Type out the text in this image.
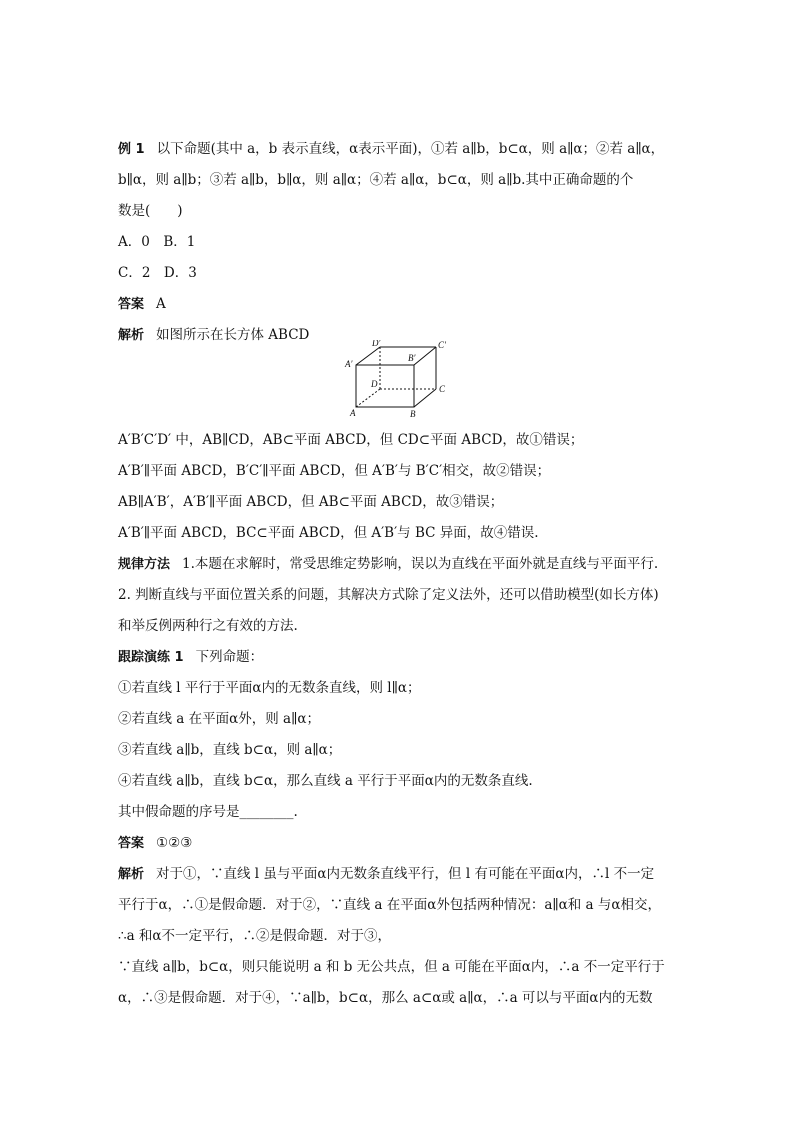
例 1 以下命题(其中 a，b 表示直线，α表示平面)，①若 a∥b，b⊂α，则 a∥α；②若 a∥α，
b∥α，则 a∥b；③若 a∥b，b∥α，则 a∥α；④若 a∥α，b⊂α，则 a∥b.其中正确命题的个
数是(　　)
A．0　B．1
C．2　D．3
答案 A
解析 如图所示在长方体 ABCD	D′
B′
C′
A′
D	C
A	B
A′B′C′D′ 中，AB∥CD，AB⊂平面 ABCD，但 CD⊂平面 ABCD，故①错误；
A′B′∥平面 ABCD，B′C′∥平面 ABCD，但 A′B′与 B′C′相交，故②错误；
AB∥A′B′，A′B′∥平面 ABCD，但 AB⊂平面 ABCD，故③错误；
A′B′∥平面 ABCD，BC⊂平面 ABCD，但 A′B′与 BC 异面，故④错误.
规律方法 1.本题在求解时，常受思维定势影响，误以为直线在平面外就是直线与平面平行.
2. 判断直线与平面位置关系的问题，其解决方式除了定义法外，还可以借助模型(如长方体)
和举反例两种行之有效的方法.
跟踪演练 1 下列命题：
①若直线 l 平行于平面α内的无数条直线，则 l∥α；
②若直线 a 在平面α外，则 a∥α；
③若直线 a∥b，直线 b⊂α，则 a∥α；
④若直线 a∥b，直线 b⊂α，那么直线 a 平行于平面α内的无数条直线.
其中假命题的序号是________.
答案 ①②③
解析 对于①，∵直线 l 虽与平面α内无数条直线平行，但 l 有可能在平面α内，∴l 不一定
平行于α，∴①是假命题．对于②，∵直线 a 在平面α外包括两种情况：a∥α和 a 与α相交，
∴a 和α不一定平行，∴②是假命题．对于③，
∵直线 a∥b，b⊂α，则只能说明 a 和 b 无公共点，但 a 可能在平面α内，∴a 不一定平行于
α，∴③是假命题．对于④，∵a∥b，b⊂α，那么 a⊂α或 a∥α，∴a 可以与平面α内的无数
